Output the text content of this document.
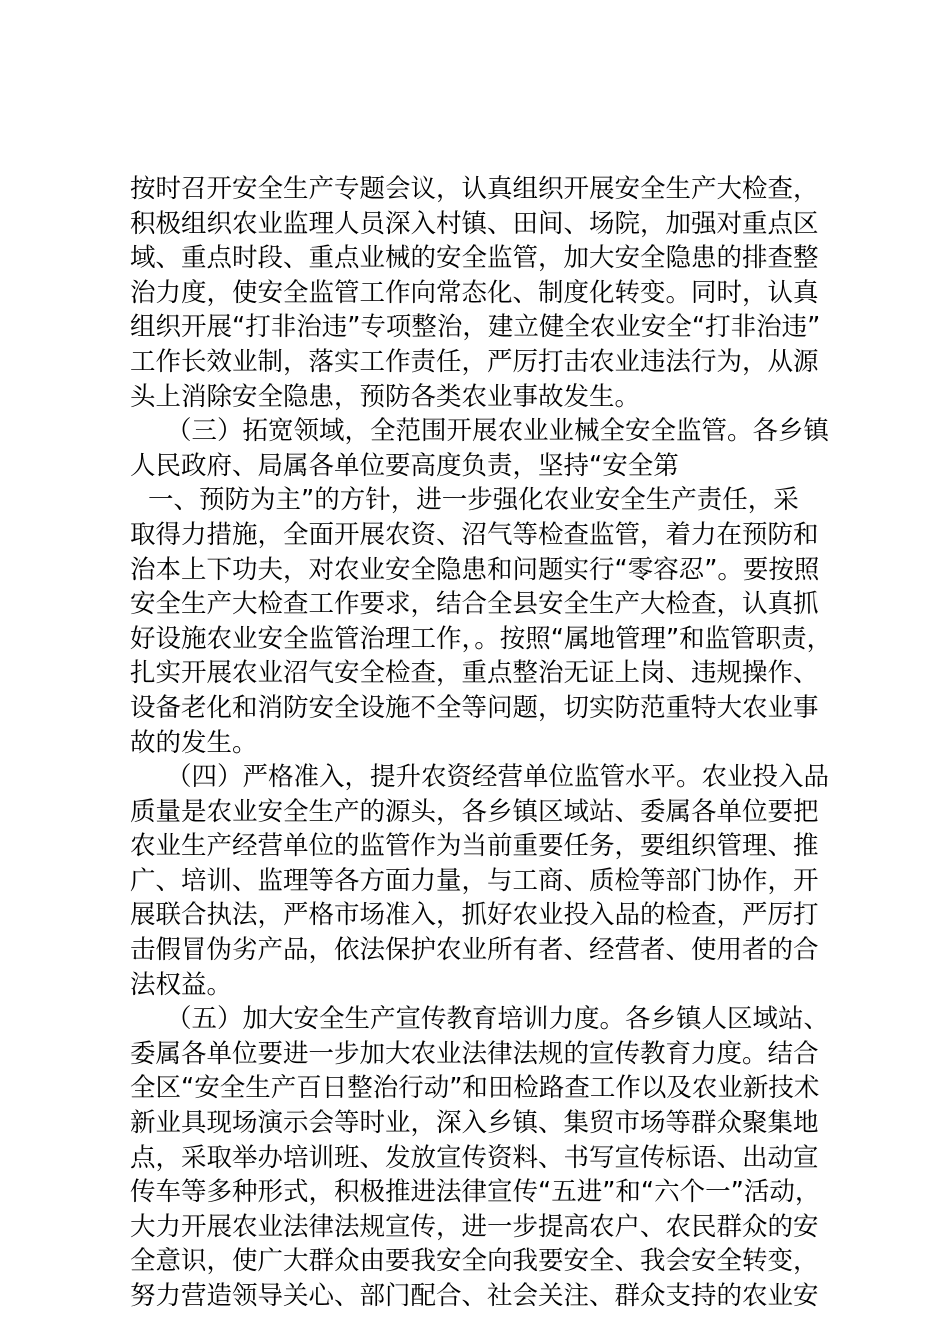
按时召开安全生产专题会议，认真组织开展安全生产大检查，
积极组织农业监理人员深入村镇、田间、场院，加强对重点区
域、重点时段、重点业械的安全监管，加大安全隐患的排查整
治力度，使安全监管工作向常态化、制度化转变。同时，认真
组织开展“打非治违”专项整治，建立健全农业安全“打非治违”
工作长效业制，落实工作责任，严厉打击农业违法行为，从源
头上消除安全隐患，预防各类农业事故发生。
（三）拓宽领域，全范围开展农业业械全安全监管。各乡镇
人民政府、局属各单位要高度负责，坚持“安全第
一、预防为主”的方针，进一步强化农业安全生产责任，采
取得力措施，全面开展农资、沼气等检查监管，着力在预防和
治本上下功夫，对农业安全隐患和问题实行“零容忍”。要按照
安全生产大检查工作要求，结合全县安全生产大检查，认真抓
好设施农业安全监管治理工作，。按照“属地管理”和监管职责，
扎实开展农业沼气安全检查，重点整治无证上岗、违规操作、
设备老化和消防安全设施不全等问题，切实防范重特大农业事
故的发生。
（四）严格准入，提升农资经营单位监管水平。农业投入品
质量是农业安全生产的源头，各乡镇区域站、委属各单位要把
农业生产经营单位的监管作为当前重要任务，要组织管理、推
广、培训、监理等各方面力量，与工商、质检等部门协作，开
展联合执法，严格市场准入，抓好农业投入品的检查，严厉打
击假冒伪劣产品，依法保护农业所有者、经营者、使用者的合
法权益。
（五）加大安全生产宣传教育培训力度。各乡镇人区域站、
委属各单位要进一步加大农业法律法规的宣传教育力度。结合
全区“安全生产百日整治行动”和田检路查工作以及农业新技术
新业具现场演示会等时业，深入乡镇、集贸市场等群众聚集地
点，采取举办培训班、发放宣传资料、书写宣传标语、出动宣
传车等多种形式，积极推进法律宣传“五进”和“六个一”活动，
大力开展农业法律法规宣传，进一步提高农户、农民群众的安
全意识，使广大群众由要我安全向我要安全、我会安全转变，
努力营造领导关心、部门配合、社会关注、群众支持的农业安
